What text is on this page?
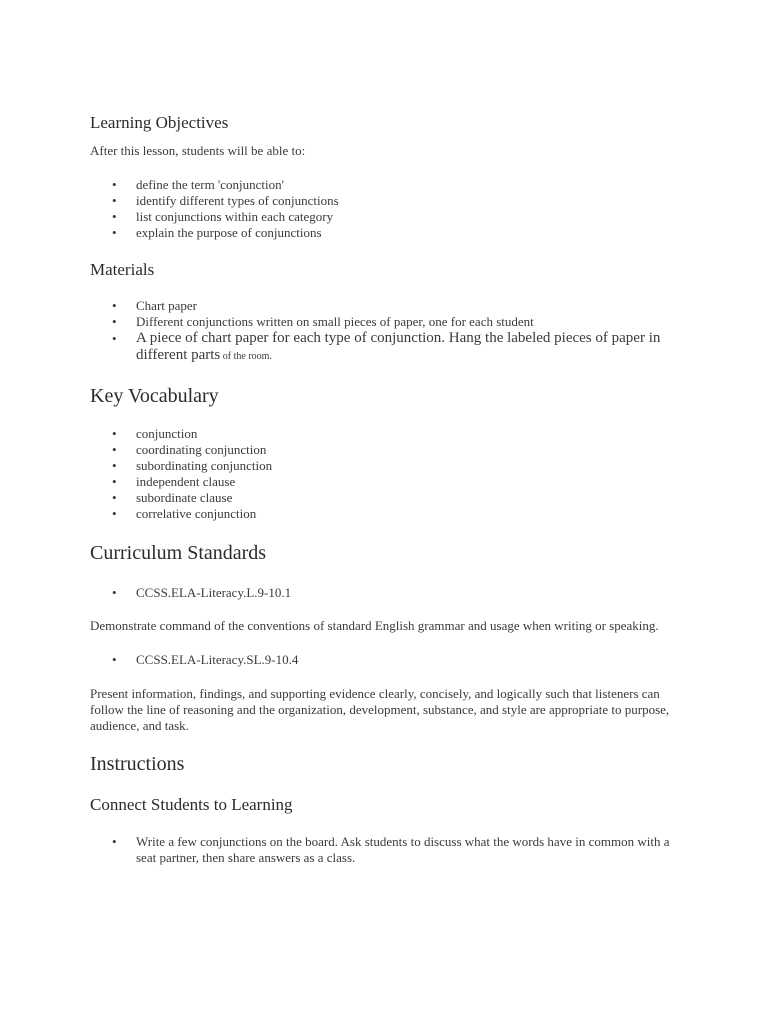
Learning Objectives

After this lesson, students will be able to:

• define the term 'conjunction'
• identify different types of conjunctions
• list conjunctions within each category
• explain the purpose of conjunctions
Materials
• Chart paper
• Different conjunctions written on small pieces of paper, one for each student
• A piece of chart paper for each type of conjunction. Hang the labeled pieces of paper in different parts of the room.
Key Vocabulary
• conjunction
• coordinating conjunction
• subordinating conjunction
• independent clause
• subordinate clause
• correlative conjunction
Curriculum Standards
• CCSS.ELA-Literacy.L.9-10.1

Demonstrate command of the conventions of standard English grammar and usage when writing or speaking.

• CCSS.ELA-Literacy.SL.9-10.4

Present information, findings, and supporting evidence clearly, concisely, and logically such that listeners can follow the line of reasoning and the organization, development, substance, and style are appropriate to purpose, audience, and task.

Instructions
Connect Students to Learning
• Write a few conjunctions on the board. Ask students to discuss what the words have in common with a seat partner, then share answers as a class.
